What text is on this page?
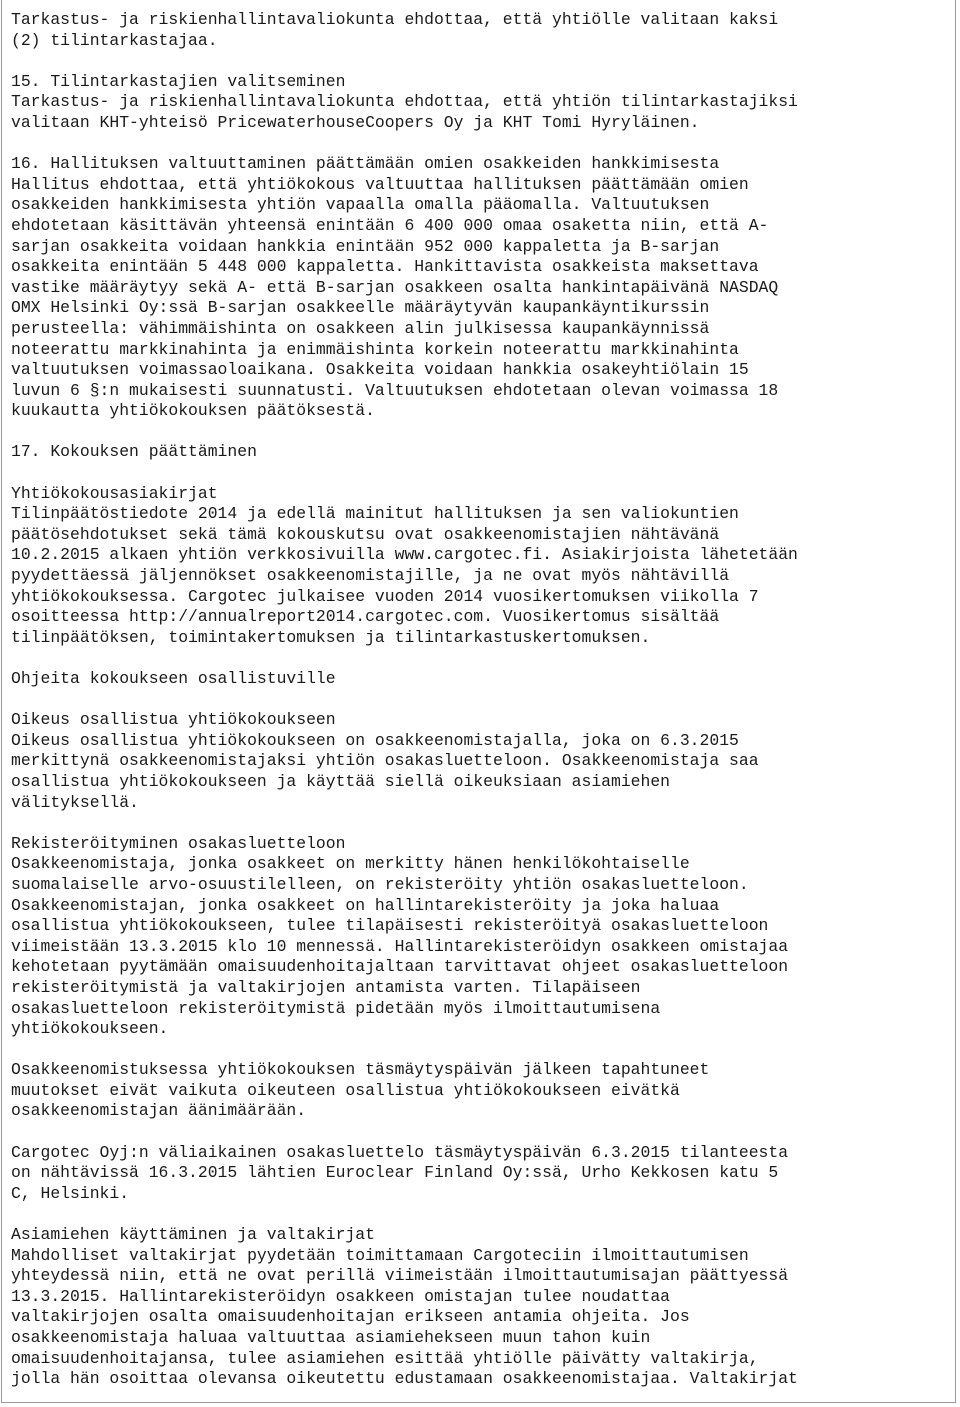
Tarkastus- ja riskienhallintavaliokunta ehdottaa, että yhtiölle valitaan kaksi
(2) tilintarkastajaa.
15. Tilintarkastajien valitseminen
Tarkastus- ja riskienhallintavaliokunta ehdottaa, että yhtiön tilintarkastajiksi
valitaan KHT-yhteisö PricewaterhouseCoopers Oy ja KHT Tomi Hyryläinen.
16. Hallituksen valtuuttaminen päättämään omien osakkeiden hankkimisesta
Hallitus ehdottaa, että yhtiökokous valtuuttaa hallituksen päättämään omien
osakkeiden hankkimisesta yhtiön vapaalla omalla pääomalla. Valtuutuksen
ehdotetaan käsittävän yhteensä enintään 6 400 000 omaa osaketta niin, että A-
sarjan osakkeita voidaan hankkia enintään 952 000 kappaletta ja B-sarjan
osakkeita enintään 5 448 000 kappaletta. Hankittavista osakkeista maksettava
vastike määräytyy sekä A- että B-sarjan osakkeen osalta hankintapäivänä NASDAQ
OMX Helsinki Oy:ssä B-sarjan osakkeelle määräytyvän kaupankäyntikurssin
perusteella: vähimmäishinta on osakkeen alin julkisessa kaupankäynnissä
noteerattu markkinahinta ja enimmäishinta korkein noteerattu markkinahinta
valtuutuksen voimassaoloaikana. Osakkeita voidaan hankkia osakeyhtiölain 15
luvun 6 §:n mukaisesti suunnatusti. Valtuutuksen ehdotetaan olevan voimassa 18
kuukautta yhtiökokouksen päätöksestä.
17. Kokouksen päättäminen
Yhtiökokousasiakirjat
Tilinpäätöstiedote 2014 ja edellä mainitut hallituksen ja sen valiokuntien
päätösehdotukset sekä tämä kokouskutsu ovat osakkeenomistajien nähtävänä
10.2.2015 alkaen yhtiön verkkosivuilla www.cargotec.fi. Asiakirjoista lähetetään
pyydettäessä jäljennökset osakkeenomistajille, ja ne ovat myös nähtävillä
yhtiökokouksessa. Cargotec julkaisee vuoden 2014 vuosikertomuksen viikolla 7
osoitteessa http://annualreport2014.cargotec.com. Vuosikertomus sisältää
tilinpäätöksen, toimintakertomuksen ja tilintarkastuskertomuksen.
Ohjeita kokoukseen osallistuville
Oikeus osallistua yhtiökokoukseen
Oikeus osallistua yhtiökokoukseen on osakkeenomistajalla, joka on 6.3.2015
merkittynä osakkeenomistajaksi yhtiön osakasluetteloon. Osakkeenomistaja saa
osallistua yhtiökokoukseen ja käyttää siellä oikeuksiaan asiamiehen
välityksellä.
Rekisteröityminen osakasluetteloon
Osakkeenomistaja, jonka osakkeet on merkitty hänen henkilökohtaiselle
suomalaiselle arvo-osuustilelleen, on rekisteröity yhtiön osakasluetteloon.
Osakkeenomistajan, jonka osakkeet on hallintarekisteröity ja joka haluaa
osallistua yhtiökokoukseen, tulee tilapäisesti rekisteröityä osakasluetteloon
viimeistään 13.3.2015 klo 10 mennessä. Hallintarekisteröidyn osakkeen omistajaa
kehotetaan pyytämään omaisuudenhoitajaltaan tarvittavat ohjeet osakasluetteloon
rekisteröitymistä ja valtakirjojen antamista varten. Tilapäiseen
osakasluetteloon rekisteröitymistä pidetään myös ilmoittautumisena
yhtiökokoukseen.
Osakkeenomistuksessa yhtiökokouksen täsmäytyspäivän jälkeen tapahtuneet
muutokset eivät vaikuta oikeuteen osallistua yhtiökokoukseen eivätkä
osakkeenomistajan äänimäärään.
Cargotec Oyj:n väliaikainen osakasluettelo täsmäytyspäivän 6.3.2015 tilanteesta
on nähtävissä 16.3.2015 lähtien Euroclear Finland Oy:ssä, Urho Kekkosen katu 5
C, Helsinki.
Asiamiehen käyttäminen ja valtakirjat
Mahdolliset valtakirjat pyydetään toimittamaan Cargoteciin ilmoittautumisen
yhteydessä niin, että ne ovat perillä viimeistään ilmoittautumisajan päättyessä
13.3.2015. Hallintarekisteröidyn osakkeen omistajan tulee noudattaa
valtakirjojen osalta omaisuudenhoitajan erikseen antamia ohjeita. Jos
osakkeenomistaja haluaa valtuuttaa asiamiehekseen muun tahon kuin
omaisuudenhoitajansa, tulee asiamiehen esittää yhtiölle päivätty valtakirja,
jolla hän osoittaa olevansa oikeutettu edustamaan osakkeenomistajaa. Valtakirjat
